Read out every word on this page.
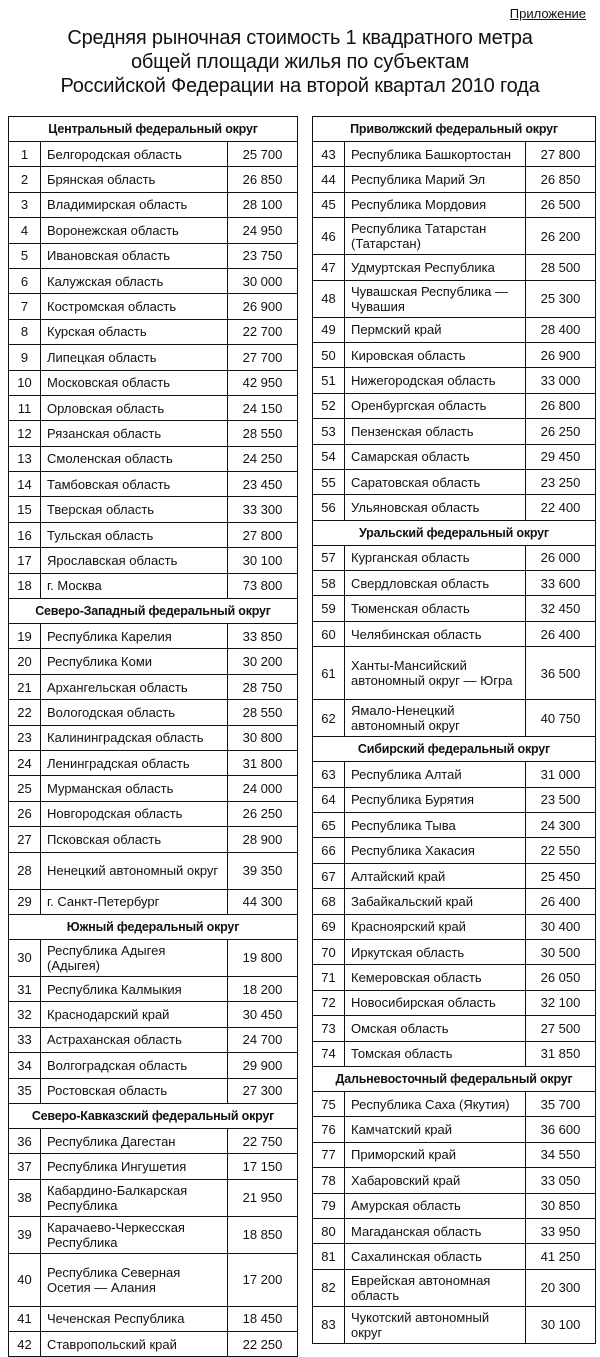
Приложение
Средняя рыночная стоимость 1 квадратного метра
общей площади жилья по субъектам
Российской Федерации на второй квартал 2010 года
Центральный федеральный округ
1	Белгородская область	25 700
2	Брянская область	26 850
3	Владимирская область	28 100
4	Воронежская область	24 950
5	Ивановская область	23 750
6	Калужская область	30 000
7	Костромская область	26 900
8	Курская область	22 700
9	Липецкая область	27 700
10	Московская область	42 950
11	Орловская область	24 150
12	Рязанская область	28 550
13	Смоленская область	24 250
14	Тамбовская область	23 450
15	Тверская область	33 300
16	Тульская область	27 800
17	Ярославская область	30 100
18	г. Москва	73 800
Северо-Западный федеральный округ
19	Республика Карелия	33 850
20	Республика Коми	30 200
21	Архангельская область	28 750
22	Вологодская область	28 550
23	Калининградская область	30 800
24	Ленинградская область	31 800
25	Мурманская область	24 000
26	Новгородская область	26 250
27	Псковская область	28 900
28	Ненецкий автономный округ	39 350
29	г. Санкт-Петербург	44 300
Южный федеральный округ
30	Республика Адыгея (Адыгея)	19 800
31	Республика Калмыкия	18 200
32	Краснодарский край	30 450
33	Астраханская область	24 700
34	Волгоградская область	29 900
35	Ростовская область	27 300
Северо-Кавказский федеральный округ
36	Республика Дагестан	22 750
37	Республика Ингушетия	17 150
38	Кабардино-Балкарская Республика	21 950
39	Карачаево-Черкесская Республика	18 850
40	Республика Северная Осетия — Алания	17 200
41	Чеченская Республика	18 450
42	Ставропольский край	22 250
Приволжский федеральный округ
43	Республика Башкортостан	27 800
44	Республика Марий Эл	26 850
45	Республика Мордовия	26 500
46	Республика Татарстан (Татарстан)	26 200
47	Удмуртская Республика	28 500
48	Чувашская Республика — Чувашия	25 300
49	Пермский край	28 400
50	Кировская область	26 900
51	Нижегородская область	33 000
52	Оренбургская область	26 800
53	Пензенская область	26 250
54	Самарская область	29 450
55	Саратовская область	23 250
56	Ульяновская область	22 400
Уральский федеральный округ
57	Курганская область	26 000
58	Свердловская область	33 600
59	Тюменская область	32 450
60	Челябинская область	26 400
61	Ханты-Мансийский автономный округ — Югра	36 500
62	Ямало-Ненецкий автономный округ	40 750
Сибирский федеральный округ
63	Республика Алтай	31 000
64	Республика Бурятия	23 500
65	Республика Тыва	24 300
66	Республика Хакасия	22 550
67	Алтайский край	25 450
68	Забайкальский край	26 400
69	Красноярский край	30 400
70	Иркутская область	30 500
71	Кемеровская область	26 050
72	Новосибирская область	32 100
73	Омская область	27 500
74	Томская область	31 850
Дальневосточный федеральный округ
75	Республика Саха (Якутия)	35 700
76	Камчатский край	36 600
77	Приморский край	34 550
78	Хабаровский край	33 050
79	Амурская область	30 850
80	Магаданская область	33 950
81	Сахалинская область	41 250
82	Еврейская автономная область	20 300
83	Чукотский автономный округ	30 100
